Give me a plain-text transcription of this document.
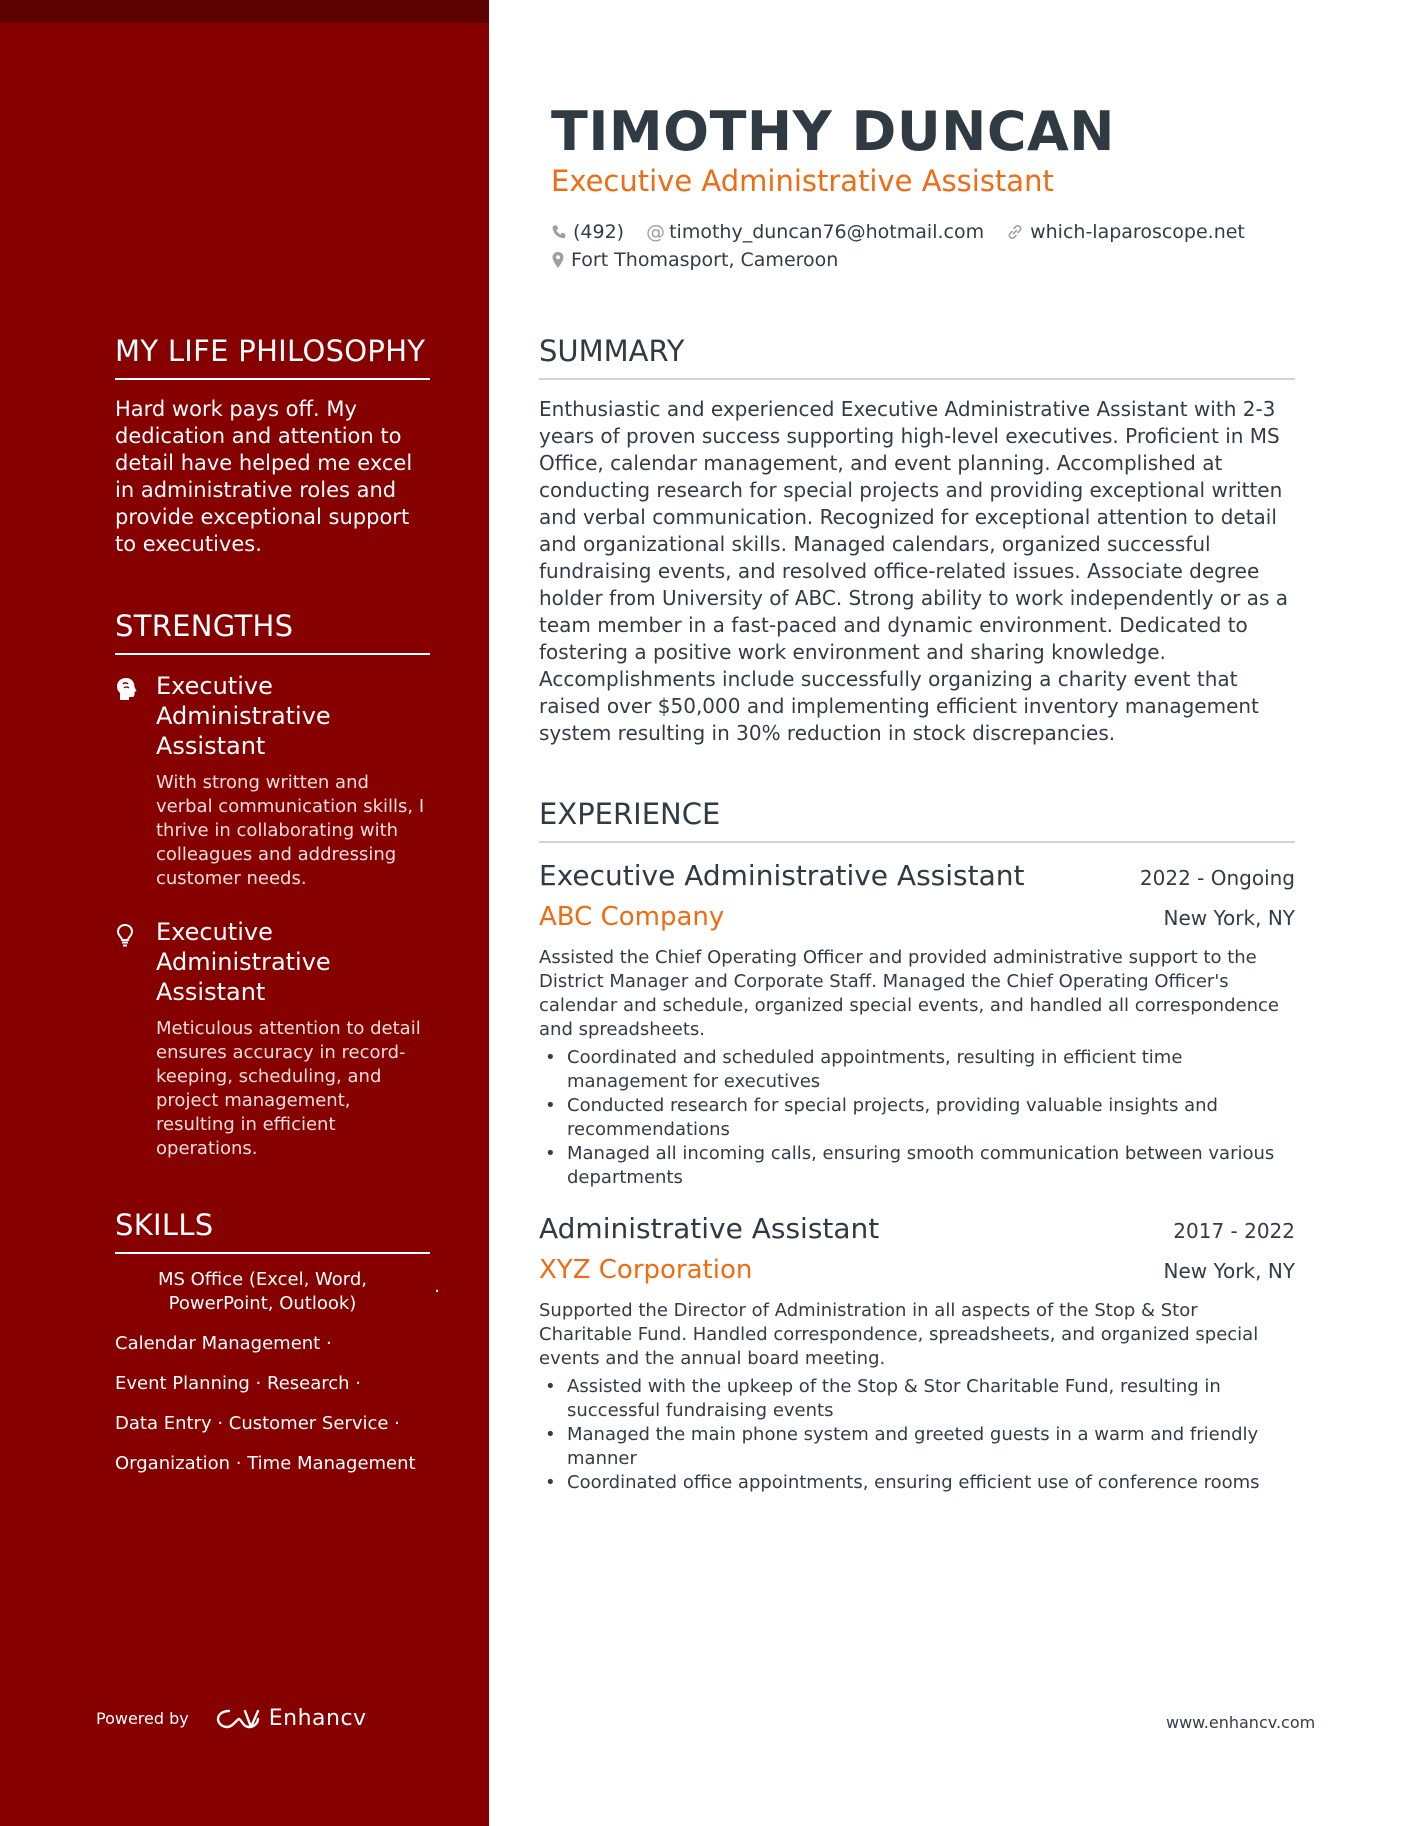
MY LIFE PHILOSOPHY

Hard work pays off. My dedication and attention to detail have helped me excel in administrative roles and provide exceptional support to executives.

STRENGTHS
Executive Administrative Assistant
With strong written and verbal communication skills, I thrive in collaborating with colleagues and addressing customer needs.
Executive Administrative Assistant
Meticulous attention to detail ensures accuracy in record-keeping, scheduling, and project management, resulting in efficient operations.
SKILLS
MS Office (Excel, Word, PowerPoint, Outlook)
·
Calendar Management ·
Event Planning · Research ·
Data Entry · Customer Service ·
Organization · Time Management
Powered by	Enhancv
TIMOTHY DUNCAN
Executive Administrative Assistant
(492) @ timothy_duncan76@hotmail.com which-laparoscope.net
Fort Thomasport, Cameroon
SUMMARY

Enthusiastic and experienced Executive Administrative Assistant with 2-3 years of proven success supporting high-level executives. Proficient in MS Office, calendar management, and event planning. Accomplished at conducting research for special projects and providing exceptional written and verbal communication. Recognized for exceptional attention to detail and organizational skills. Managed calendars, organized successful fundraising events, and resolved office-related issues. Associate degree holder from University of ABC. Strong ability to work independently or as a team member in a fast-paced and dynamic environment. Dedicated to fostering a positive work environment and sharing knowledge. Accomplishments include successfully organizing a charity event that raised over $50,000 and implementing efficient inventory management system resulting in 30% reduction in stock discrepancies.

EXPERIENCE
Executive Administrative Assistant	2022 - Ongoing
ABC Company	New York, NY

Assisted the Chief Operating Officer and provided administrative support to the District Manager and Corporate Staff. Managed the Chief Operating Officer's calendar and schedule, organized special events, and handled all correspondence and spreadsheets.

• Coordinated and scheduled appointments, resulting in efficient time management for executives
• Conducted research for special projects, providing valuable insights and recommendations
• Managed all incoming calls, ensuring smooth communication between various departments
Administrative Assistant	2017 - 2022
XYZ Corporation	New York, NY

Supported the Director of Administration in all aspects of the Stop & Stor Charitable Fund. Handled correspondence, spreadsheets, and organized special events and the annual board meeting.

• Assisted with the upkeep of the Stop & Stor Charitable Fund, resulting in successful fundraising events
• Managed the main phone system and greeted guests in a warm and friendly manner
• Coordinated office appointments, ensuring efficient use of conference rooms
www.enhancv.com
